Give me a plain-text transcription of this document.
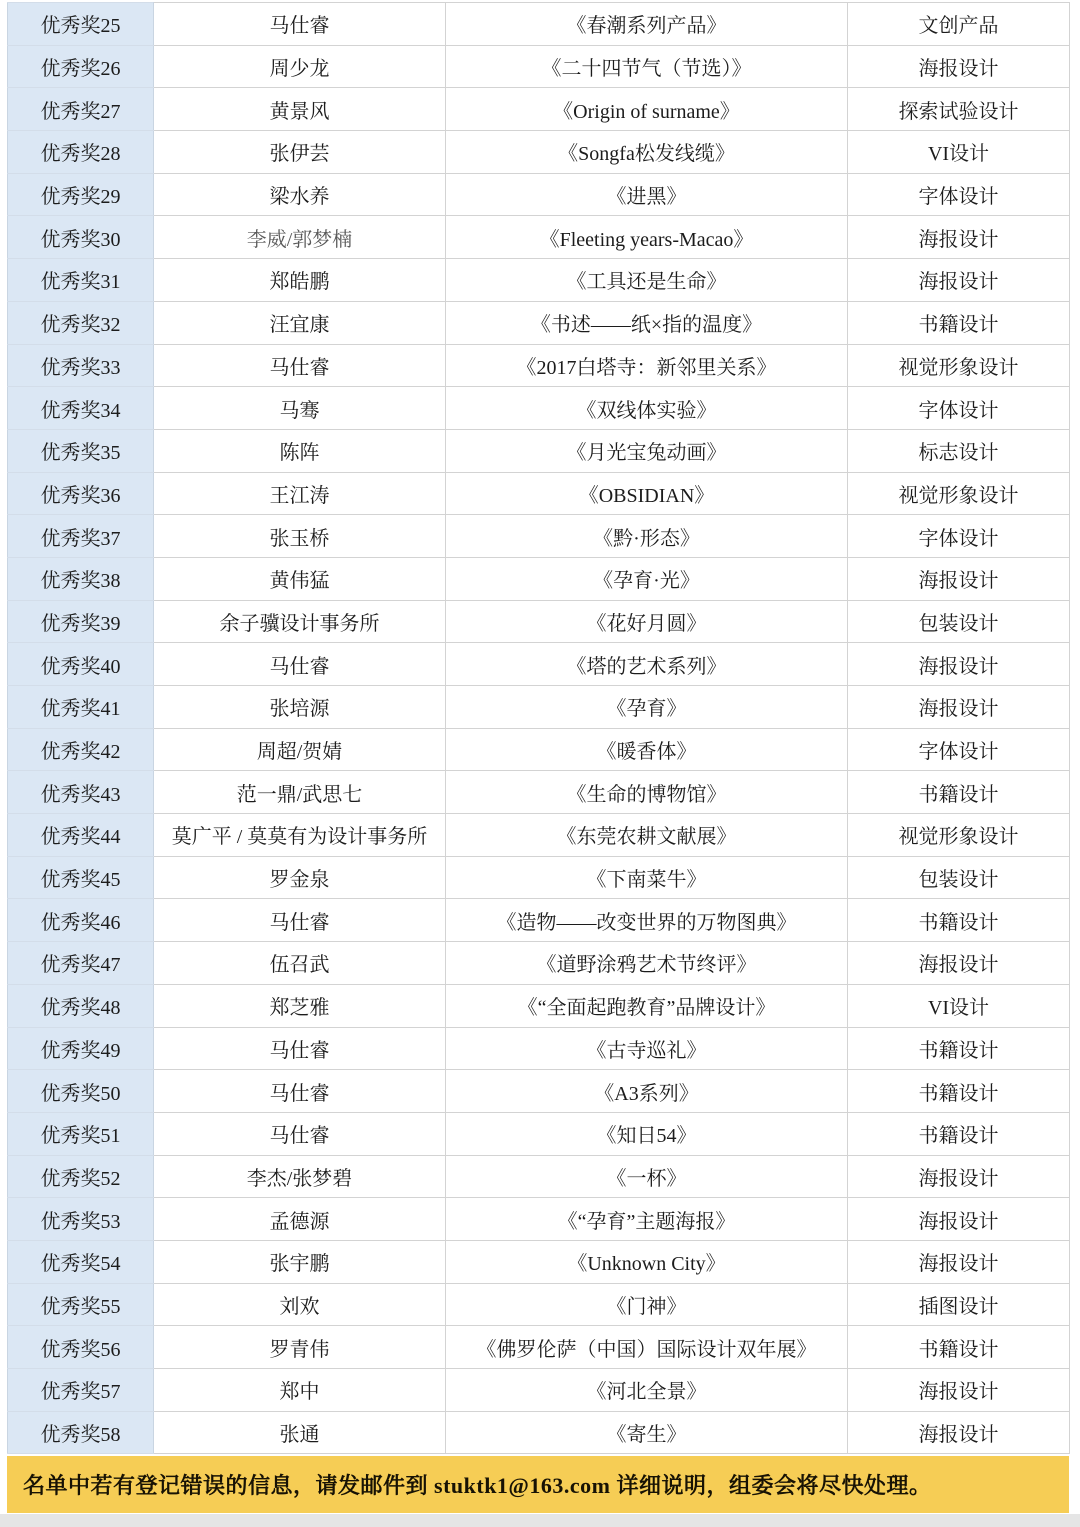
优秀奖25	马仕睿	《春潮系列产品》	文创产品
优秀奖26	周少龙	《二十四节气（节选）》	海报设计
优秀奖27	黄景风	《Origin of surname》	探索试验设计
优秀奖28	张伊芸	《Songfa松发线缆》	VI设计
优秀奖29	梁水养	《进黑》	字体设计
优秀奖30	李威/郭梦楠	《Fleeting years-Macao》	海报设计
优秀奖31	郑皓鹏	《工具还是生命》	海报设计
优秀奖32	汪宜康	《书述——纸×指的温度》	书籍设计
优秀奖33	马仕睿	《2017白塔寺：新邻里关系》	视觉形象设计
优秀奖34	马骞	《双线体实验》	字体设计
优秀奖35	陈阵	《月光宝兔动画》	标志设计
优秀奖36	王江涛	《OBSIDIAN》	视觉形象设计
优秀奖37	张玉桥	《黔·形态》	字体设计
优秀奖38	黄伟猛	《孕育·光》	海报设计
优秀奖39	余子骥设计事务所	《花好月圆》	包装设计
优秀奖40	马仕睿	《塔的艺术系列》	海报设计
优秀奖41	张培源	《孕育》	海报设计
优秀奖42	周超/贺婧	《暖香体》	字体设计
优秀奖43	范一鼎/武思七	《生命的博物馆》	书籍设计
优秀奖44	莫广平 / 莫莫有为设计事务所	《东莞农耕文献展》	视觉形象设计
优秀奖45	罗金泉	《下南菜牛》	包装设计
优秀奖46	马仕睿	《造物——改变世界的万物图典》	书籍设计
优秀奖47	伍召武	《道野涂鸦艺术节终评》	海报设计
优秀奖48	郑芝雅	《“全面起跑教育”品牌设计》	VI设计
优秀奖49	马仕睿	《古寺巡礼》	书籍设计
优秀奖50	马仕睿	《A3系列》	书籍设计
优秀奖51	马仕睿	《知日54》	书籍设计
优秀奖52	李杰/张梦碧	《一杯》	海报设计
优秀奖53	孟德源	《“孕育”主题海报》	海报设计
优秀奖54	张宇鹏	《Unknown City》	海报设计
优秀奖55	刘欢	《门神》	插图设计
优秀奖56	罗青伟	《佛罗伦萨（中国）国际设计双年展》	书籍设计
优秀奖57	郑中	《河北全景》	海报设计
优秀奖58	张通	《寄生》	海报设计

名单中若有登记错误的信息，请发邮件到 stuktk1@163.com 详细说明，组委会将尽快处理。
